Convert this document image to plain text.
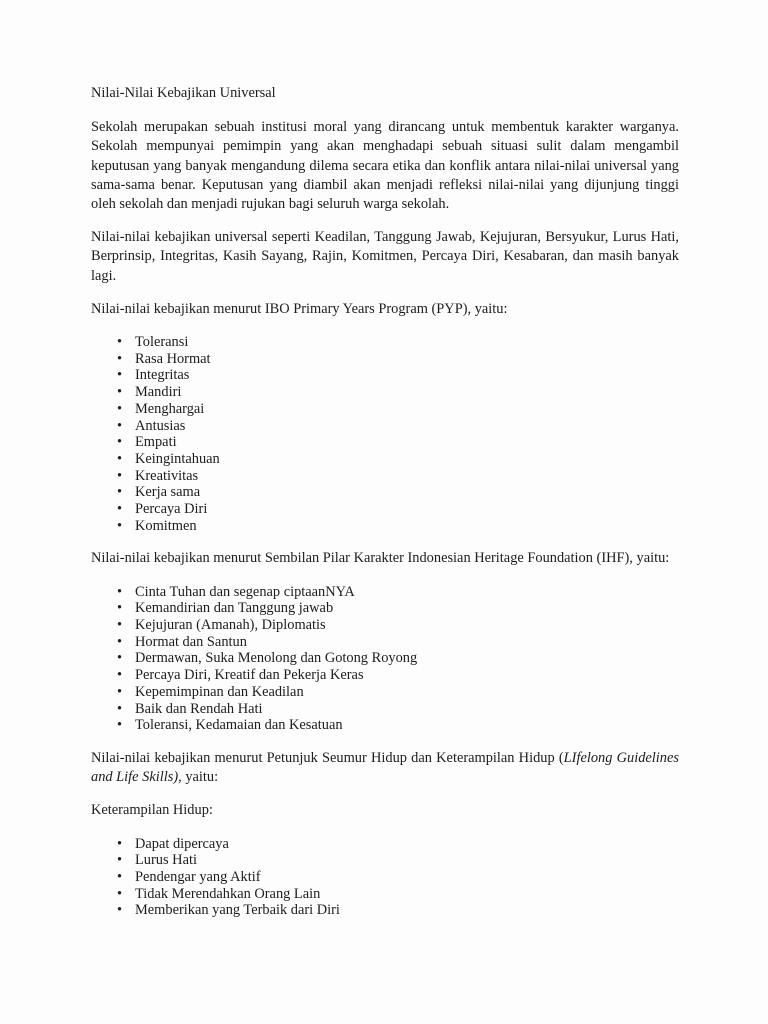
Nilai-Nilai Kebajikan Universal

Sekolah merupakan sebuah institusi moral yang dirancang untuk membentuk karakter warganya. Sekolah mempunyai pemimpin yang akan menghadapi sebuah situasi sulit dalam mengambil keputusan yang banyak mengandung dilema secara etika dan konflik antara nilai-nilai universal yang sama-sama benar. Keputusan yang diambil akan menjadi refleksi nilai-nilai yang dijunjung tinggi oleh sekolah dan menjadi rujukan bagi seluruh warga sekolah.

Nilai-nilai kebajikan universal seperti Keadilan, Tanggung Jawab, Kejujuran, Bersyukur, Lurus Hati, Berprinsip, Integritas, Kasih Sayang, Rajin, Komitmen, Percaya Diri, Kesabaran, dan masih banyak lagi.

Nilai-nilai kebajikan menurut IBO Primary Years Program (PYP), yaitu:

• Toleransi
• Rasa Hormat
• Integritas
• Mandiri
• Menghargai
• Antusias
• Empati
• Keingintahuan
• Kreativitas
• Kerja sama
• Percaya Diri
• Komitmen

Nilai-nilai kebajikan menurut Sembilan Pilar Karakter Indonesian Heritage Foundation (IHF), yaitu:

• Cinta Tuhan dan segenap ciptaanNYA
• Kemandirian dan Tanggung jawab
• Kejujuran (Amanah), Diplomatis
• Hormat dan Santun
• Dermawan, Suka Menolong dan Gotong Royong
• Percaya Diri, Kreatif dan Pekerja Keras
• Kepemimpinan dan Keadilan
• Baik dan Rendah Hati
• Toleransi, Kedamaian dan Kesatuan

Nilai-nilai kebajikan menurut Petunjuk Seumur Hidup dan Keterampilan Hidup (LIfelong Guidelines and Life Skills), yaitu:

Keterampilan Hidup:

• Dapat dipercaya
• Lurus Hati
• Pendengar yang Aktif
• Tidak Merendahkan Orang Lain
• Memberikan yang Terbaik dari Diri
